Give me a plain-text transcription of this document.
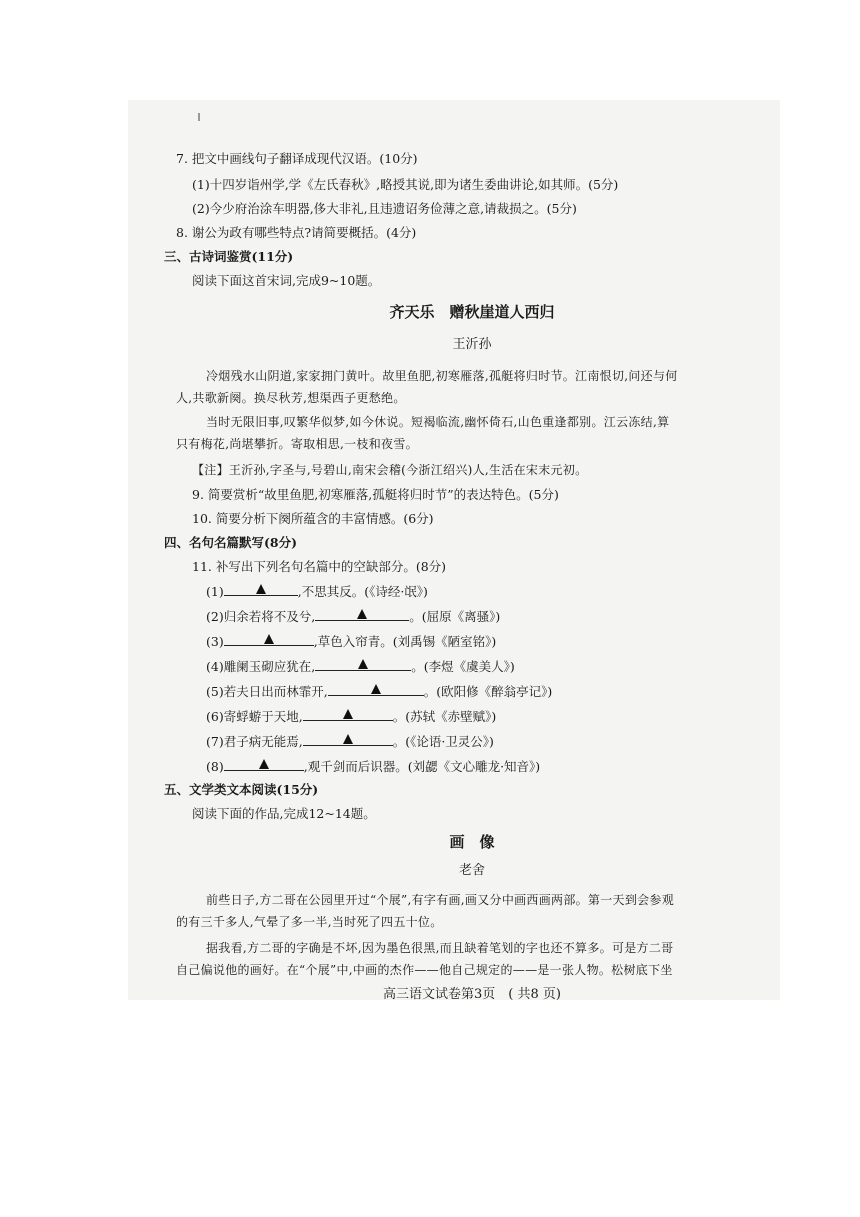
7. 把文中画线句子翻译成现代汉语。(10分)
(1)十四岁诣州学,学《左氏春秋》,略授其说,即为诸生委曲讲论,如其师。(5分)
(2)今少府治涂车明器,侈大非礼,且违遗诏务俭薄之意,请裁损之。(5分)
8. 谢公为政有哪些特点?请简要概括。(4分)
三、古诗词鉴赏(11分)
阅读下面这首宋词,完成9~10题。
齐天乐　赠秋崖道人西归
王沂孙
冷烟残水山阴道,家家拥门黄叶。故里鱼肥,初寒雁落,孤艇将归时节。江南恨切,问还与何
人,共歌新阕。换尽秋芳,想渠西子更愁绝。
当时无限旧事,叹繁华似梦,如今休说。短褐临流,幽怀倚石,山色重逢都别。江云冻结,算
只有梅花,尚堪攀折。寄取相思,一枝和夜雪。
【注】王沂孙,字圣与,号碧山,南宋会稽(今浙江绍兴)人,生活在宋末元初。
9. 简要赏析“故里鱼肥,初寒雁落,孤艇将归时节”的表达特色。(5分)
10. 简要分析下阕所蕴含的丰富情感。(6分)
四、名句名篇默写(8分)
11. 补写出下列名句名篇中的空缺部分。(8分)
(1)	,不思其反。(《诗经·氓》)
(2)归余若将不及兮,	。(屈原《离骚》)
(3)	,草色入帘青。(刘禹锡《陋室铭》)
(4)雕阑玉砌应犹在,	。(李煜《虞美人》)
(5)若夫日出而林霏开,	。(欧阳修《醉翁亭记》)
(6)寄蜉蝣于天地,	。(苏轼《赤壁赋》)
(7)君子病无能焉,	。(《论语·卫灵公》)
(8)	,观千剑而后识器。(刘勰《文心雕龙·知音》)
五、文学类文本阅读(15分)
阅读下面的作品,完成12~14题。
画　像
老舍
前些日子,方二哥在公园里开过“个展”,有字有画,画又分中画西画两部。第一天到会参观
的有三千多人,气晕了多一半,当时死了四五十位。
据我看,方二哥的字确是不坏,因为墨色很黑,而且缺着笔划的字也还不算多。可是方二哥
自己偏说他的画好。在“个展”中,中画的杰作——他自己规定的——是一张人物。松树底下坐
高三语文试卷第3页　( 共8 页)
